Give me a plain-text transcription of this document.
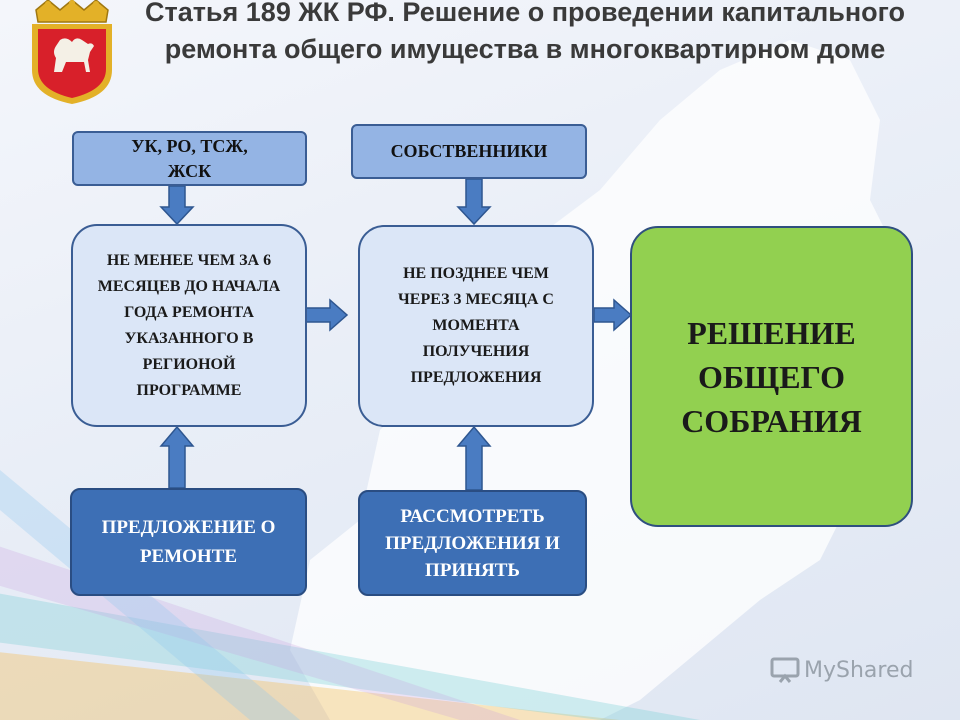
Статья 189 ЖК РФ. Решение о проведении капитального ремонта общего имущества в многоквартирном доме
УК, РО, ТСЖ, ЖСК
СОБСТВЕННИКИ
НЕ МЕНЕЕ ЧЕМ ЗА 6 МЕСЯЦЕВ ДО НАЧАЛА ГОДА РЕМОНТА УКАЗАННОГО В РЕГИОНОЙ ПРОГРАММЕ
НЕ ПОЗДНЕЕ ЧЕМ ЧЕРЕЗ 3 МЕСЯЦА С МОМЕНТА ПОЛУЧЕНИЯ ПРЕДЛОЖЕНИЯ
РЕШЕНИЕ ОБЩЕГО СОБРАНИЯ
ПРЕДЛОЖЕНИЕ О РЕМОНТЕ
РАССМОТРЕТЬ ПРЕДЛОЖЕНИЯ И ПРИНЯТЬ
MyShared
